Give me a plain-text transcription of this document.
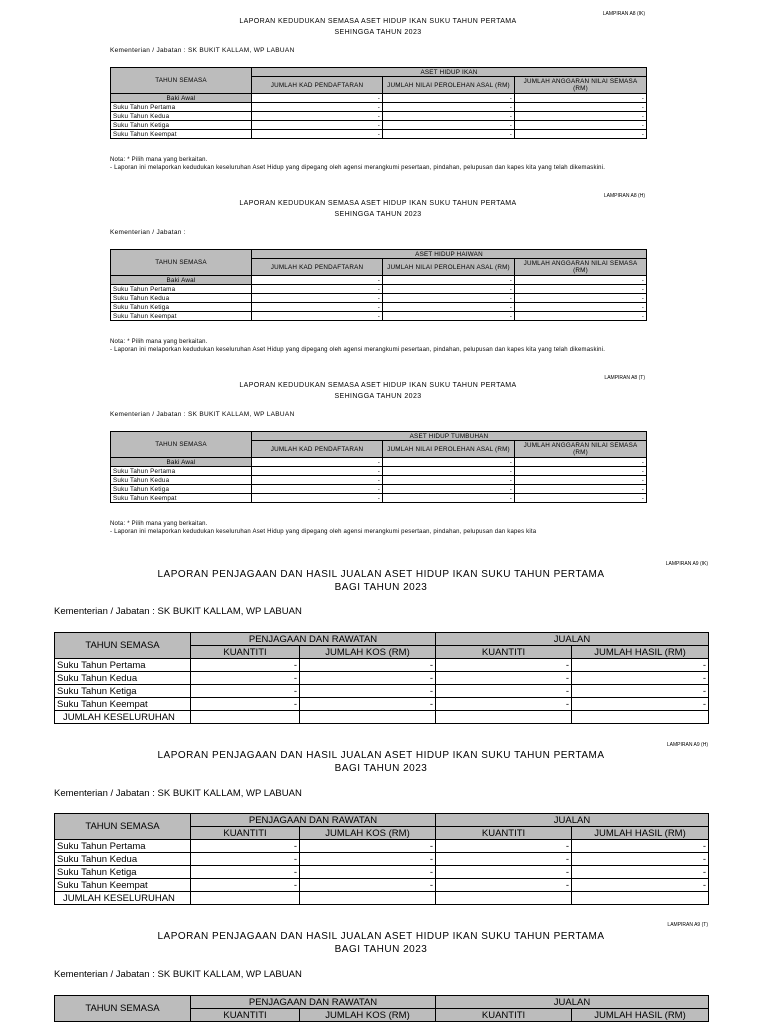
LAMPIRAN A8 (IK)
LAPORAN KEDUDUKAN SEMASA ASET HIDUP IKAN SUKU TAHUN PERTAMA
SEHINGGA TAHUN 2023
Kementerian / Jabatan : SK BUKIT KALLAM, WP LABUAN
TAHUN SEMASA	ASET HIDUP IKAN		
	JUMLAH KAD PENDAFTARAN	JUMLAH NILAI PEROLEHAN ASAL (RM)	JUMLAH ANGGARAN NILAI SEMASA (RM)
Baki Awal	-	-	-
Suku Tahun Pertama	-	-	-
Suku Tahun Kedua	-	-	-
Suku Tahun Ketiga	-	-	-
Suku Tahun Keempat	-	-	-
Nota: * Pilih mana yang berkaitan.
- Laporan ini melaporkan kedudukan keseluruhan Aset Hidup yang dipegang oleh agensi merangkumi pesertaan, pindahan, pelupusan dan kapes kita yang telah dikemaskini.
LAMPIRAN A8 (H)
LAPORAN KEDUDUKAN SEMASA ASET HIDUP IKAN SUKU TAHUN PERTAMA
SEHINGGA TAHUN 2023
Kementerian / Jabatan :
TAHUN SEMASA	ASET HIDUP HAIWAN		
	JUMLAH KAD PENDAFTARAN	JUMLAH NILAI PEROLEHAN ASAL (RM)	JUMLAH ANGGARAN NILAI SEMASA (RM)
Baki Awal	-	-	-
Suku Tahun Pertama	-	-	-
Suku Tahun Kedua	-	-	-
Suku Tahun Ketiga	-	-	-
Suku Tahun Keempat	-	-	-
Nota: * Pilih mana yang berkaitan.
- Laporan ini melaporkan kedudukan keseluruhan Aset Hidup yang dipegang oleh agensi merangkumi pesertaan, pindahan, pelupusan dan kapes kita yang telah dikemaskini.
LAMPIRAN A8 (T)
LAPORAN KEDUDUKAN SEMASA ASET HIDUP IKAN SUKU TAHUN PERTAMA
SEHINGGA TAHUN 2023
Kementerian / Jabatan : SK BUKIT KALLAM, WP LABUAN
TAHUN SEMASA	ASET HIDUP TUMBUHAN		
	JUMLAH KAD PENDAFTARAN	JUMLAH NILAI PEROLEHAN ASAL (RM)	JUMLAH ANGGARAN NILAI SEMASA (RM)
Baki Awal	-	-	-
Suku Tahun Pertama	-	-	-
Suku Tahun Kedua	-	-	-
Suku Tahun Ketiga	-	-	-
Suku Tahun Keempat	-	-	-
Nota: * Pilih mana yang berkaitan.
- Laporan ini melaporkan kedudukan keseluruhan Aset Hidup yang dipegang oleh agensi merangkumi pesertaan, pindahan, pelupusan dan kapes kita
LAMPIRAN A9 (IK)
LAPORAN PENJAGAAN DAN HASIL JUALAN ASET HIDUP IKAN SUKU TAHUN PERTAMA
BAGI TAHUN 2023
Kementerian / Jabatan : SK BUKIT KALLAM, WP LABUAN
TAHUN SEMASA	PENJAGAAN DAN RAWATAN		JUALAN	
	KUANTITI	JUMLAH KOS (RM)	KUANTITI	JUMLAH HASIL (RM)
Suku Tahun Pertama	-	-	-	-
Suku Tahun Kedua	-	-	-	-
Suku Tahun Ketiga	-	-	-	-
Suku Tahun Keempat	-	-	-	-
JUMLAH KESELURUHAN				
LAMPIRAN A9 (H)
LAPORAN PENJAGAAN DAN HASIL JUALAN ASET HIDUP IKAN SUKU TAHUN PERTAMA
BAGI TAHUN 2023
Kementerian / Jabatan : SK BUKIT KALLAM, WP LABUAN
TAHUN SEMASA	PENJAGAAN DAN RAWATAN		JUALAN	
	KUANTITI	JUMLAH KOS (RM)	KUANTITI	JUMLAH HASIL (RM)
Suku Tahun Pertama	-	-	-	-
Suku Tahun Kedua	-	-	-	-
Suku Tahun Ketiga	-	-	-	-
Suku Tahun Keempat	-	-	-	-
JUMLAH KESELURUHAN				
LAMPIRAN A9 (T)
LAPORAN PENJAGAAN DAN HASIL JUALAN ASET HIDUP IKAN SUKU TAHUN PERTAMA
BAGI TAHUN 2023
Kementerian / Jabatan : SK BUKIT KALLAM, WP LABUAN
TAHUN SEMASA	PENJAGAAN DAN RAWATAN		JUALAN	
	KUANTITI	JUMLAH KOS (RM)	KUANTITI	JUMLAH HASIL (RM)
